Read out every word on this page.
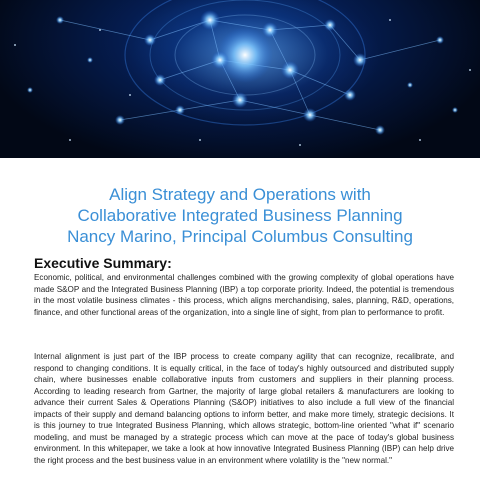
Align Strategy and Operations with
Collaborative Integrated Business Planning
Nancy Marino, Principal Columbus Consulting
Executive Summary:

Economic, political, and environmental challenges combined with the growing complexity of global operations have made S&OP and the Integrated Business Planning (IBP) a top corporate priority. Indeed, the potential is tremendous in the most volatile business climates - this process, which aligns merchandising, sales, planning, R&D, operations, finance, and other functional areas of the organization, into a single line of sight, from plan to performance to profit.

Internal alignment is just part of the IBP process to create company agility that can recognize, recalibrate, and respond to changing conditions. It is equally critical, in the face of today's highly outsourced and distributed supply chain, where businesses enable collaborative inputs from customers and suppliers in their planning process. According to leading research from Gartner, the majority of large global retailers & manufacturers are looking to advance their current Sales & Operations Planning (S&OP) initiatives to also include a full view of the financial impacts of their supply and demand balancing options to inform better, and make more timely, strategic decisions. It is this journey to true Integrated Business Planning, which allows strategic, bottom-line oriented "what if" scenario modeling, and must be managed by a strategic process which can move at the pace of today's global business environment. In this whitepaper, we take a look at how innovative Integrated Business Planning (IBP) can help drive the right process and the best business value in an environment where volatility is the "new normal."
